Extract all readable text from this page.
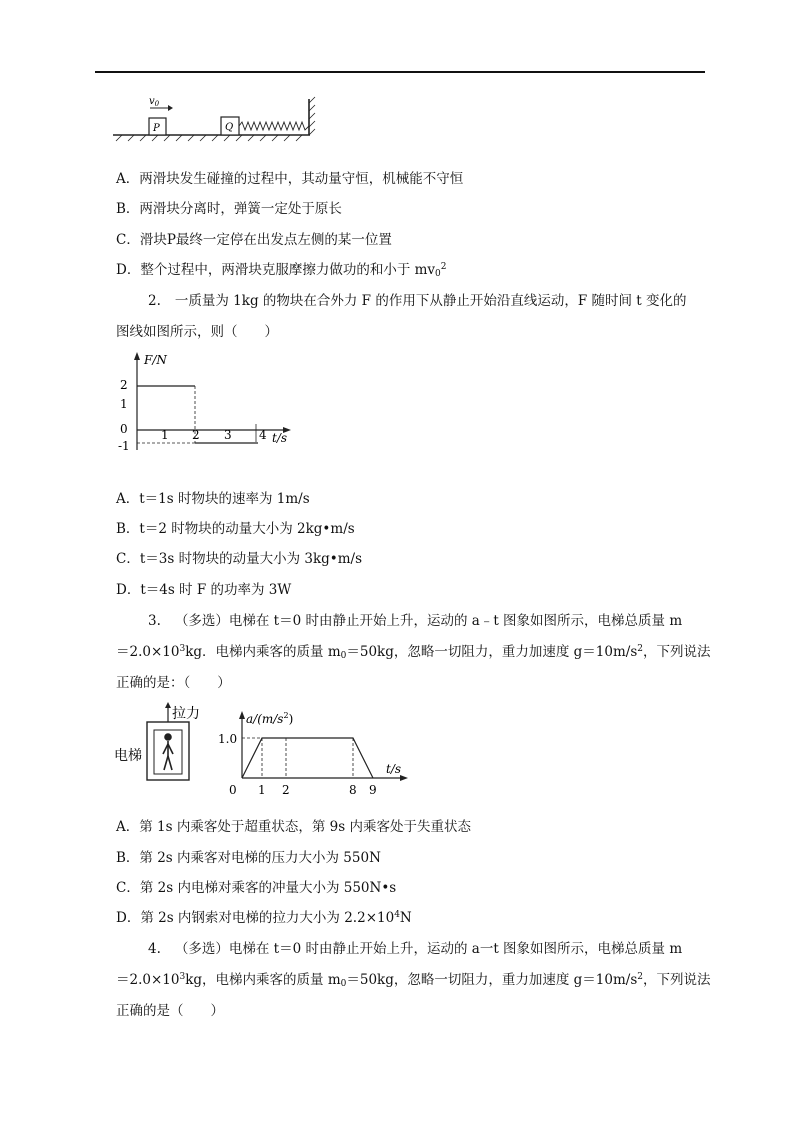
P
$v_0$
Q
A．两滑块发生碰撞的过程中，其动量守恒，机械能不守恒
B．两滑块分离时，弹簧一定处于原长
C．滑块P最终一定停在出发点左侧的某一位置
D．整个过程中，两滑块克服摩擦力做功的和小于 $mv_0^2$
2. 一质量为 1kg 的物块在合外力 F 的作用下从静止开始沿直线运动，F 随时间 t 变化的
图线如图所示，则（　　）
F/N
t/s
2
1
0
-1
1 2 3 4
A．t＝1s 时物块的速率为 1m/s
B．t＝2 时物块的动量大小为 2kg•m/s
C．t＝3s 时物块的动量大小为 3kg•m/s
D．t＝4s 时 F 的功率为 3W
3. （多选）电梯在 t＝0 时由静止开始上升，运动的 a﹣t 图象如图所示，电梯总质量 m
$=2.0\times 10^3kg$．电梯内乘客的质量 $m_0=50kg$，忽略一切阻力，重力加速度 $g=10m/s^2$，下列说法
正确的是：（　　）
拉力
电梯
$a/(m/s^2)$
t/s
1.0
0 1 2	8 9
A．第 1s 内乘客处于超重状态，第 9s 内乘客处于失重状态
B．第 2s 内乘客对电梯的压力大小为 550N
C．第 2s 内电梯对乘客的冲量大小为 550N•s
D．第 2s 内钢索对电梯的拉力大小为 $2.2\times 10^4N$
4. （多选）电梯在 t＝0 时由静止开始上升，运动的 a一t 图象如图所示，电梯总质量 m
$=2.0\times 10^3kg$，电梯内乘客的质量 $m_0=50kg$，忽略一切阻力，重力加速度 $g=10m/s^2$，下列说法
正确的是（　　）
